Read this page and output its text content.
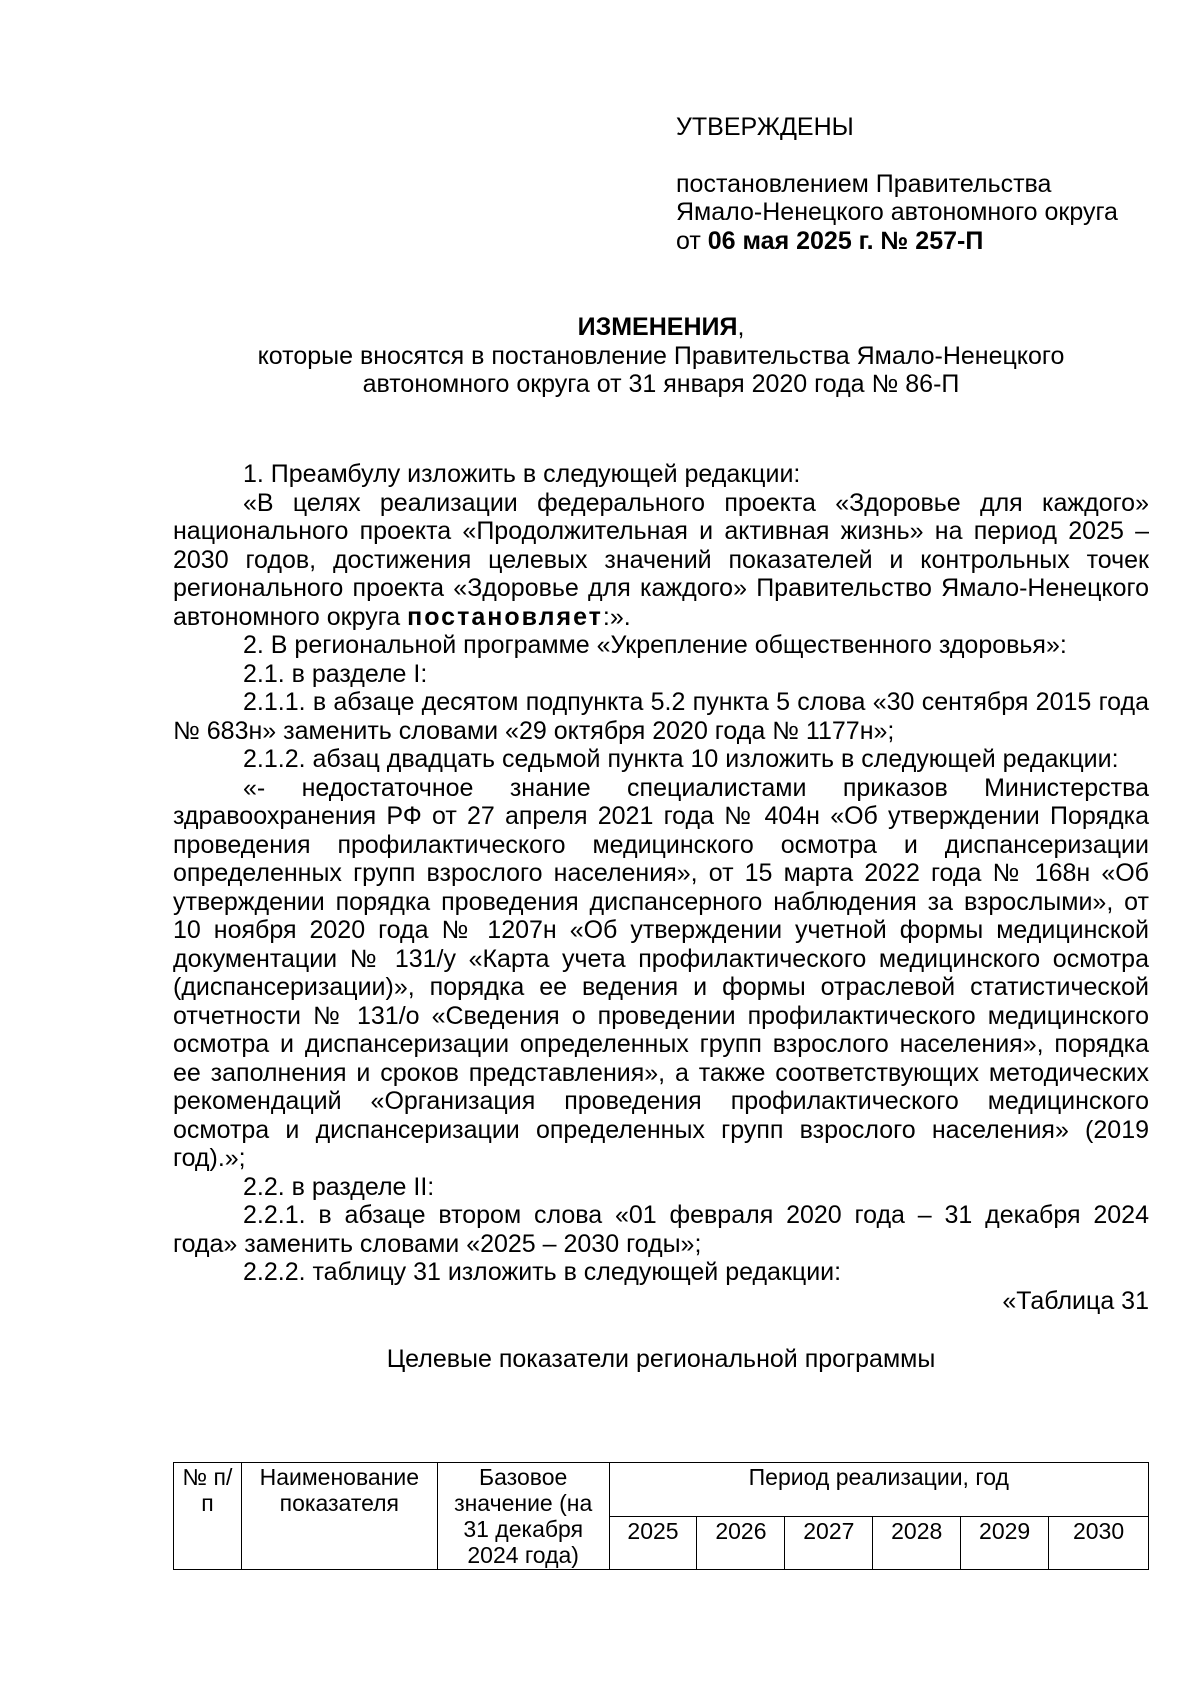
УТВЕРЖДЕНЫ
постановлением Правительства
Ямало-Ненецкого автономного округа
от 06 мая 2025 г. № 257-П
ИЗМЕНЕНИЯ,
которые вносятся в постановление Правительства Ямало-Ненецкого
автономного округа от 31 января 2020 года № 86-П

1. Преамбулу изложить в следующей редакции:

«В целях реализации федерального проекта «Здоровье для каждого» национального проекта «Продолжительная и активная жизнь» на период 2025 – 2030 годов, достижения целевых значений показателей и контрольных точек регионального проекта «Здоровье для каждого» Правительство Ямало-Ненецкого автономного округа постановляет:».

2. В региональной программе «Укрепление общественного здоровья»:

2.1. в разделе I:

2.1.1. в абзаце десятом подпункта 5.2 пункта 5 слова «30 сентября 2015 года № 683н» заменить словами «29 октября 2020 года № 1177н»;

2.1.2. абзац двадцать седьмой пункта 10 изложить в следующей редакции:

«- недостаточное знание специалистами приказов Министерства здравоохранения РФ от 27 апреля 2021 года № 404н «Об утверждении Порядка проведения профилактического медицинского осмотра и диспансеризации определенных групп взрослого населения», от 15 марта 2022 года № 168н «Об утверждении порядка проведения диспансерного наблюдения за взрослыми», от 10 ноября 2020 года № 1207н «Об утверждении учетной формы медицинской документации № 131/у «Карта учета профилактического медицинского осмотра (диспансеризации)», порядка ее ведения и формы отраслевой статистической отчетности № 131/о «Сведения о проведении профилактического медицинского осмотра и диспансеризации определенных групп взрослого населения», порядка ее заполнения и сроков представления», а также соответствующих методических рекомендаций «Организация проведения профилактического медицинского осмотра и диспансеризации определенных групп взрослого населения» (2019 год).»;

2.2. в разделе II:

2.2.1. в абзаце втором слова «01 февраля 2020 года – 31 декабря 2024 года» заменить словами «2025 – 2030 годы»;

2.2.2. таблицу 31 изложить в следующей редакции:

«Таблица 31

Целевые показатели региональной программы

№ п/п	Наименование показателя	Базовое значение (на 31 декабря 2024 года)	Период реализации, год					
			2025	2026	2027	2028	2029	2030
